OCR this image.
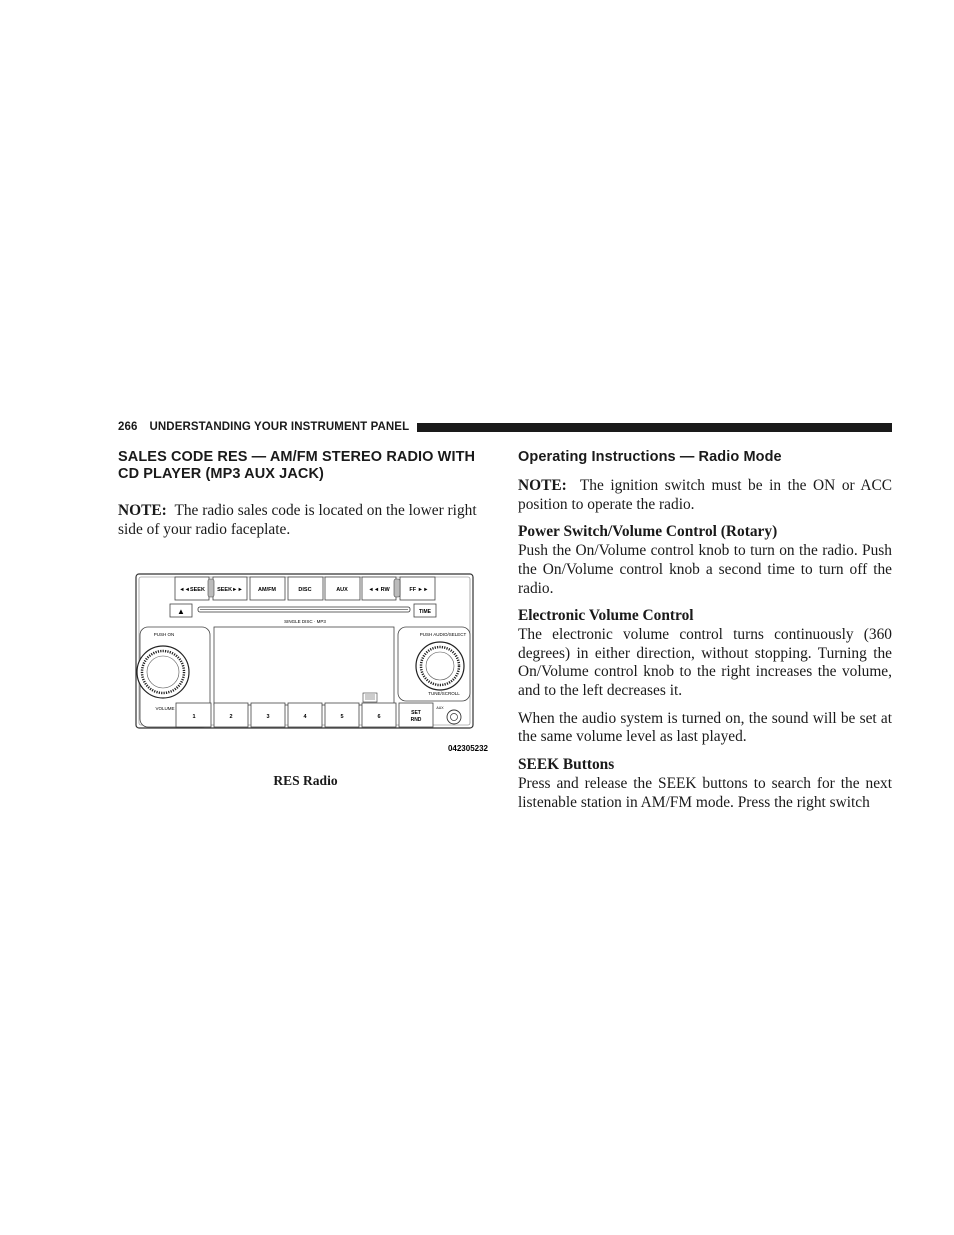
266 UNDERSTANDING YOUR INSTRUMENT PANEL
SALES CODE RES — AM/FM STEREO RADIO WITH CD PLAYER (MP3 AUX JACK)

NOTE: The radio sales code is located on the lower right side of your radio faceplate.

◄◄SEEK SEEK►►	AM/FM	DISC	AUX	◄◄ RW	FF ►►
▲	TIME
SINGLE DISC · MP3
PUSH ON
VOLUME
PUSH AUDIO/SELECT
TUNE/SCROLL
1	2	3	4	5	6
SET
RND
AUX
042305232
RES Radio
Operating Instructions — Radio Mode

NOTE: The ignition switch must be in the ON or ACC position to operate the radio.

Power Switch/Volume Control (Rotary)

Push the On/Volume control knob to turn on the radio. Push the On/Volume control knob a second time to turn off the radio.

Electronic Volume Control

The electronic volume control turns continuously (360 degrees) in either direction, without stopping. Turning the On/Volume control knob to the right increases the volume, and to the left decreases it.

When the audio system is turned on, the sound will be set at the same volume level as last played.

SEEK Buttons

Press and release the SEEK buttons to search for the next listenable station in AM/FM mode. Press the right switch
